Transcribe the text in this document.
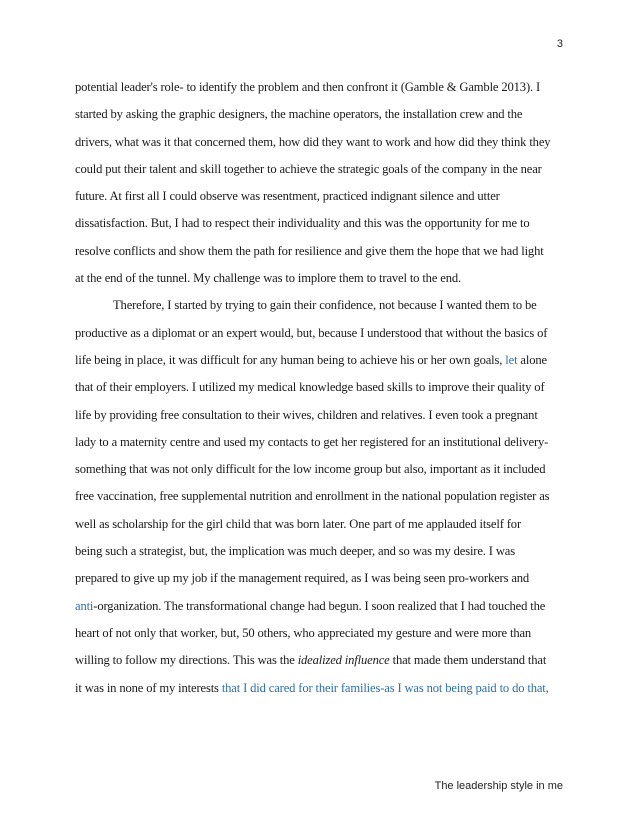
3
potential leader's role- to identify the problem and then confront it (Gamble & Gamble 2013). I
started by asking the graphic designers, the machine operators, the installation crew and the
drivers, what was it that concerned them, how did they want to work and how did they think they
could put their talent and skill together to achieve the strategic goals of the company in the near
future. At first all I could observe was resentment, practiced indignant silence and utter
dissatisfaction. But, I had to respect their individuality and this was the opportunity for me to
resolve conflicts and show them the path for resilience and give them the hope that we had light
at the end of the tunnel. My challenge was to implore them to travel to the end.
Therefore, I started by trying to gain their confidence, not because I wanted them to be
productive as a diplomat or an expert would, but, because I understood that without the basics of
life being in place, it was difficult for any human being to achieve his or her own goals, let alone
that of their employers. I utilized my medical knowledge based skills to improve their quality of
life by providing free consultation to their wives, children and relatives. I even took a pregnant
lady to a maternity centre and used my contacts to get her registered for an institutional delivery-
something that was not only difficult for the low income group but also, important as it included
free vaccination, free supplemental nutrition and enrollment in the national population register as
well as scholarship for the girl child that was born later. One part of me applauded itself for
being such a strategist, but, the implication was much deeper, and so was my desire. I was
prepared to give up my job if the management required, as I was being seen pro-workers and
anti-organization. The transformational change had begun. I soon realized that I had touched the
heart of not only that worker, but, 50 others, who appreciated my gesture and were more than
willing to follow my directions. This was the idealized influence that made them understand that
it was in none of my interests that I did cared for their families-as I was not being paid to do that,
The leadership style in me
